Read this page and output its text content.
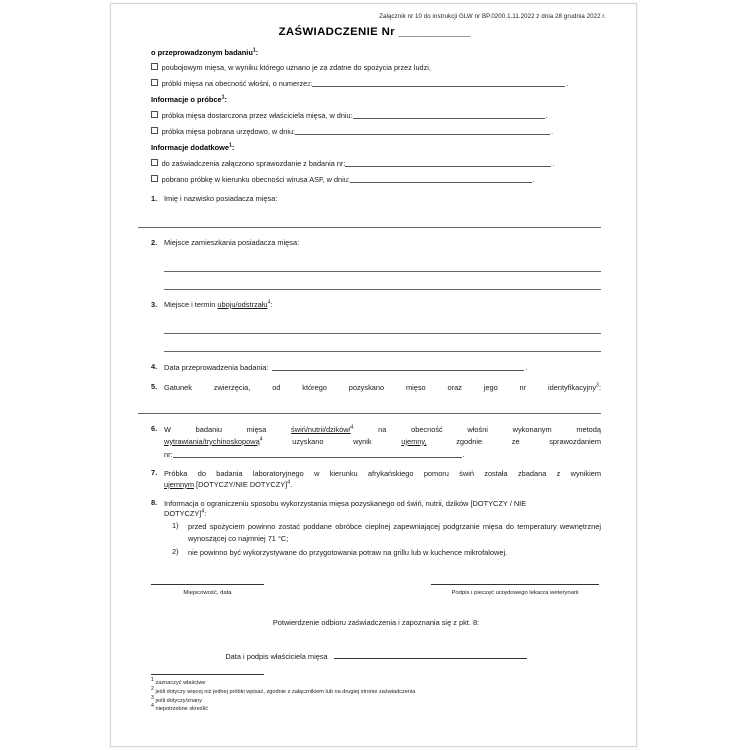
Załącznik nr 10 do instrukcji GLW nr BP.0200.1.11.2022 z dnia 28 grudnia 2022 r.
ZAŚWIADCZENIE Nr ___________
o przeprowadzonym badaniu$^1$:
poubojowym mięsa, w wyniku którego uznano je za zdatne do spożycia przez ludzi,
próbki mięsa na obecność włośni, o numerze 2 :	.
Informacje o próbce$^1$:
próbka mięsa dostarczona przez właściciela mięsa, w dniu:	.
próbka mięsa pobrana urzędowo, w dniu:	.
Informacje dodatkowe$^1$:
do zaświadczenia załączono sprawozdanie z badania nr:	.
pobrano próbkę w kierunku obecności wirusa ASF, w dniu:	.
1. Imię i nazwisko posiadacza mięsa:
2. Miejsce zamieszkania posiadacza mięsa:
3. Miejsce i termin uboju/odstrzału$^4$:
4. Data przeprowadzenia badania:	.
5. Gatunek zwierzęcia, od którego pozyskano mięso oraz jego nr identyfikacyjny$^3$:
6. W badaniu mięsa świń/nutrii/dzików/$^4$ na obecność włośni wykonanym metodą
wytrawiania/trychinoskopową$^4$ uzyskano wynik ujemny, zgodnie ze sprawozdaniem
nr:	.
7. Próbka do badania laboratoryjnego w kierunku afrykańskiego pomoru świń została zbadana z wynikiem
ujemnym [DOTYCZY/NIE DOTYCZY]$^4$.
8. Informacja o ograniczeniu sposobu wykorzystania mięsa pozyskanego od świń, nutrii, dzików [DOTYCZY / NIE
DOTYCZY]$^4$:
1)	przed spożyciem powinno zostać poddane obróbce cieplnej zapewniającej podgrzanie mięsa do temperatury wewnętrznej wynoszącej co najmniej 71 °C;
2)	nie powinno być wykorzystywane do przygotowania potraw na grillu lub w kuchence mikrofalowej.
Miejscowość, data	Podpis i pieczęć urzędowego lekarza weterynarii
Potwierdzenie odbioru zaświadczenia i zapoznania się z pkt. 8:
Data i podpis właściciela mięsa
$^1$ zaznaczyć właściwe
$^2$ jeśli dotyczy więcej niż jednej próbki wpisać, zgodnie z załącznikiem lub na drugiej stronie zaświadczenia
$^3$ jeśli dotyczy/znany
$^4$ niepotrzebne skreślić
